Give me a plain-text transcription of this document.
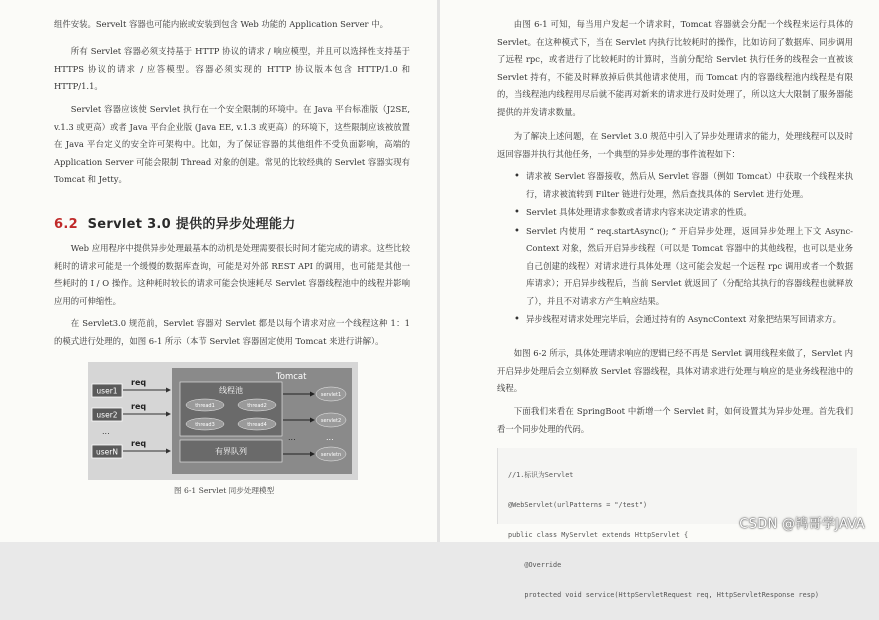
组件安装。Servelt 容器也可能内嵌或安装到包含 Web 功能的 Application Server 中。

所有 Servlet 容器必须支持基于 HTTP 协议的请求 / 响应模型，并且可以选择性支持基于 HTTPS 协议的请求 / 应答模型。容器必须实现的 HTTP 协议版本包含 HTTP/1.0 和 HTTP/1.1。

Servlet 容器应该使 Servlet 执行在一个安全限制的环境中。在 Java 平台标准版（J2SE, v.1.3 或更高）或者 Java 平台企业版 (Java EE, v.1.3 或更高）的环境下，这些限制应该被放置在 Java 平台定义的安全许可架构中。比如，为了保证容器的其他组件不受负面影响，高端的 Application Server 可能会限制 Thread 对象的创建。常见的比较经典的 Servlet 容器实现有 Tomcat 和 Jetty。

6.2 Servlet 3.0 提供的异步处理能力

Web 应用程序中提供异步处理最基本的动机是处理需要很长时间才能完成的请求。这些比较耗时的请求可能是一个缓慢的数据库查询，可能是对外部 REST API 的调用，也可能是其他一些耗时的 I / O 操作。这种耗时较长的请求可能会快速耗尽 Servlet 容器线程池中的线程并影响应用的可伸缩性。

在 Servlet3.0 规范前，Servlet 容器对 Servlet 都是以每个请求对应一个线程这种 1：1 的模式进行处理的，如图 6-1 所示（本节 Servlet 容器固定使用 Tomcat 来进行讲解）。

user1
user2
...
userN
req
req
req
Tomcat
线程池
thread1	thread2
thread3	thread4
有界队列
...
servlet1
servlet2
...
servletn
图 6-1 Servlet 同步处理模型

由图 6-1 可知，每当用户发起一个请求时，Tomcat 容器就会分配一个线程来运行具体的 Servlet。在这种模式下，当在 Servlet 内执行比较耗时的操作，比如访问了数据库、同步调用了远程 rpc，或者进行了比较耗时的计算时，当前分配给 Servlet 执行任务的线程会一直被该 Servlet 持有，不能及时释放掉后供其他请求使用，而 Tomcat 内的容器线程池内线程是有限的，当线程池内线程用尽后就不能再对新来的请求进行及时处理了，所以这大大限制了服务器能提供的并发请求数量。

为了解决上述问题，在 Servlet 3.0 规范中引入了异步处理请求的能力，处理线程可以及时返回容器并执行其他任务，一个典型的异步处理的事件流程如下：

• 请求被 Servlet 容器接收，然后从 Servlet 容器（例如 Tomcat）中获取一个线程来执行，请求被流转到 Filter 链进行处理，然后查找具体的 Servlet 进行处理。
• Servlet 具体处理请求参数或者请求内容来决定请求的性质。
• Servlet 内使用 “ req.startAsync(); ” 开启异步处理，返回异步处理上下文 Async-Context 对象，然后开启异步线程（可以是 Tomcat 容器中的其他线程，也可以是业务自己创建的线程）对请求进行具体处理（这可能会发起一个远程 rpc 调用或者一个数据库请求）；开启异步线程后，当前 Servlet 就返回了（分配给其执行的容器线程也就释放了），并且不对请求方产生响应结果。
• 异步线程对请求处理完毕后，会通过持有的 AsyncContext 对象把结果写回请求方。

如图 6-2 所示，具体处理请求响应的逻辑已经不再是 Servlet 调用线程来做了，Servlet 内开启异步处理后会立刻释放 Servlet 容器线程，具体对请求进行处理与响应的是业务线程池中的线程。

下面我们来看在 SpringBoot 中新增一个 Servlet 时，如何设置其为异步处理。首先我们看一个同步处理的代码。

//1.标识为Servlet

@WebServlet(urlPatterns = "/test")

public class MyServlet extends HttpServlet {

@Override

protected void service(HttpServletRequest req, HttpServletResponse resp)

CSDN @鸨哥学JAVA
